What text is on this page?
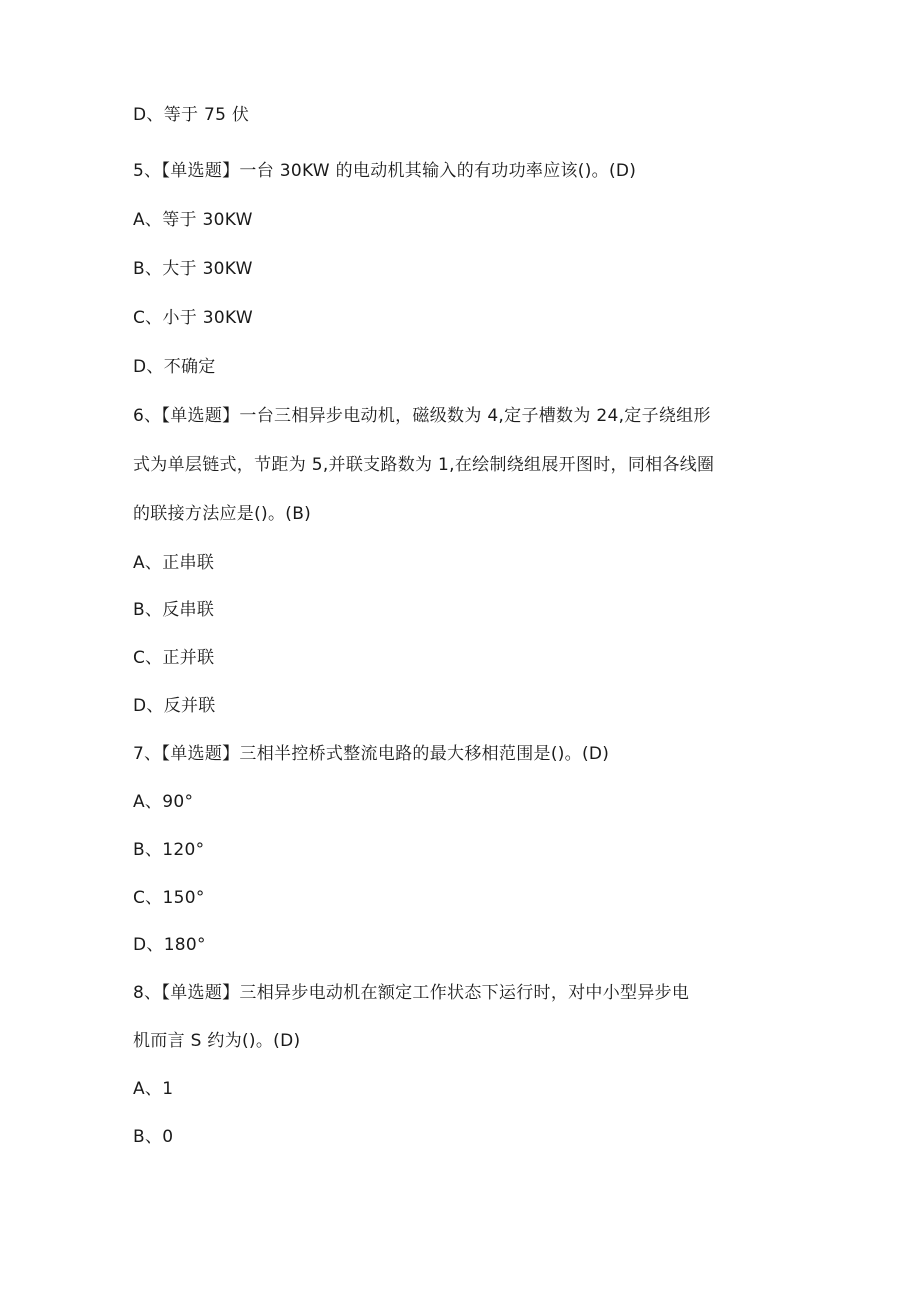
D、等于 75 伏
5、【单选题】一台 30KW 的电动机其输入的有功功率应该()。(D)
A、等于 30KW
B、大于 30KW
C、小于 30KW
D、不确定
6、【单选题】一台三相异步电动机，磁级数为 4,定子槽数为 24,定子绕组形
式为单层链式，节距为 5,并联支路数为 1,在绘制绕组展开图时，同相各线圈
的联接方法应是()。(B)
A、正串联
B、反串联
C、正并联
D、反并联
7、【单选题】三相半控桥式整流电路的最大移相范围是()。(D)
A、90°
B、120°
C、150°
D、180°
8、【单选题】三相异步电动机在额定工作状态下运行时，对中小型异步电
机而言 S 约为()。(D)
A、1
B、0
